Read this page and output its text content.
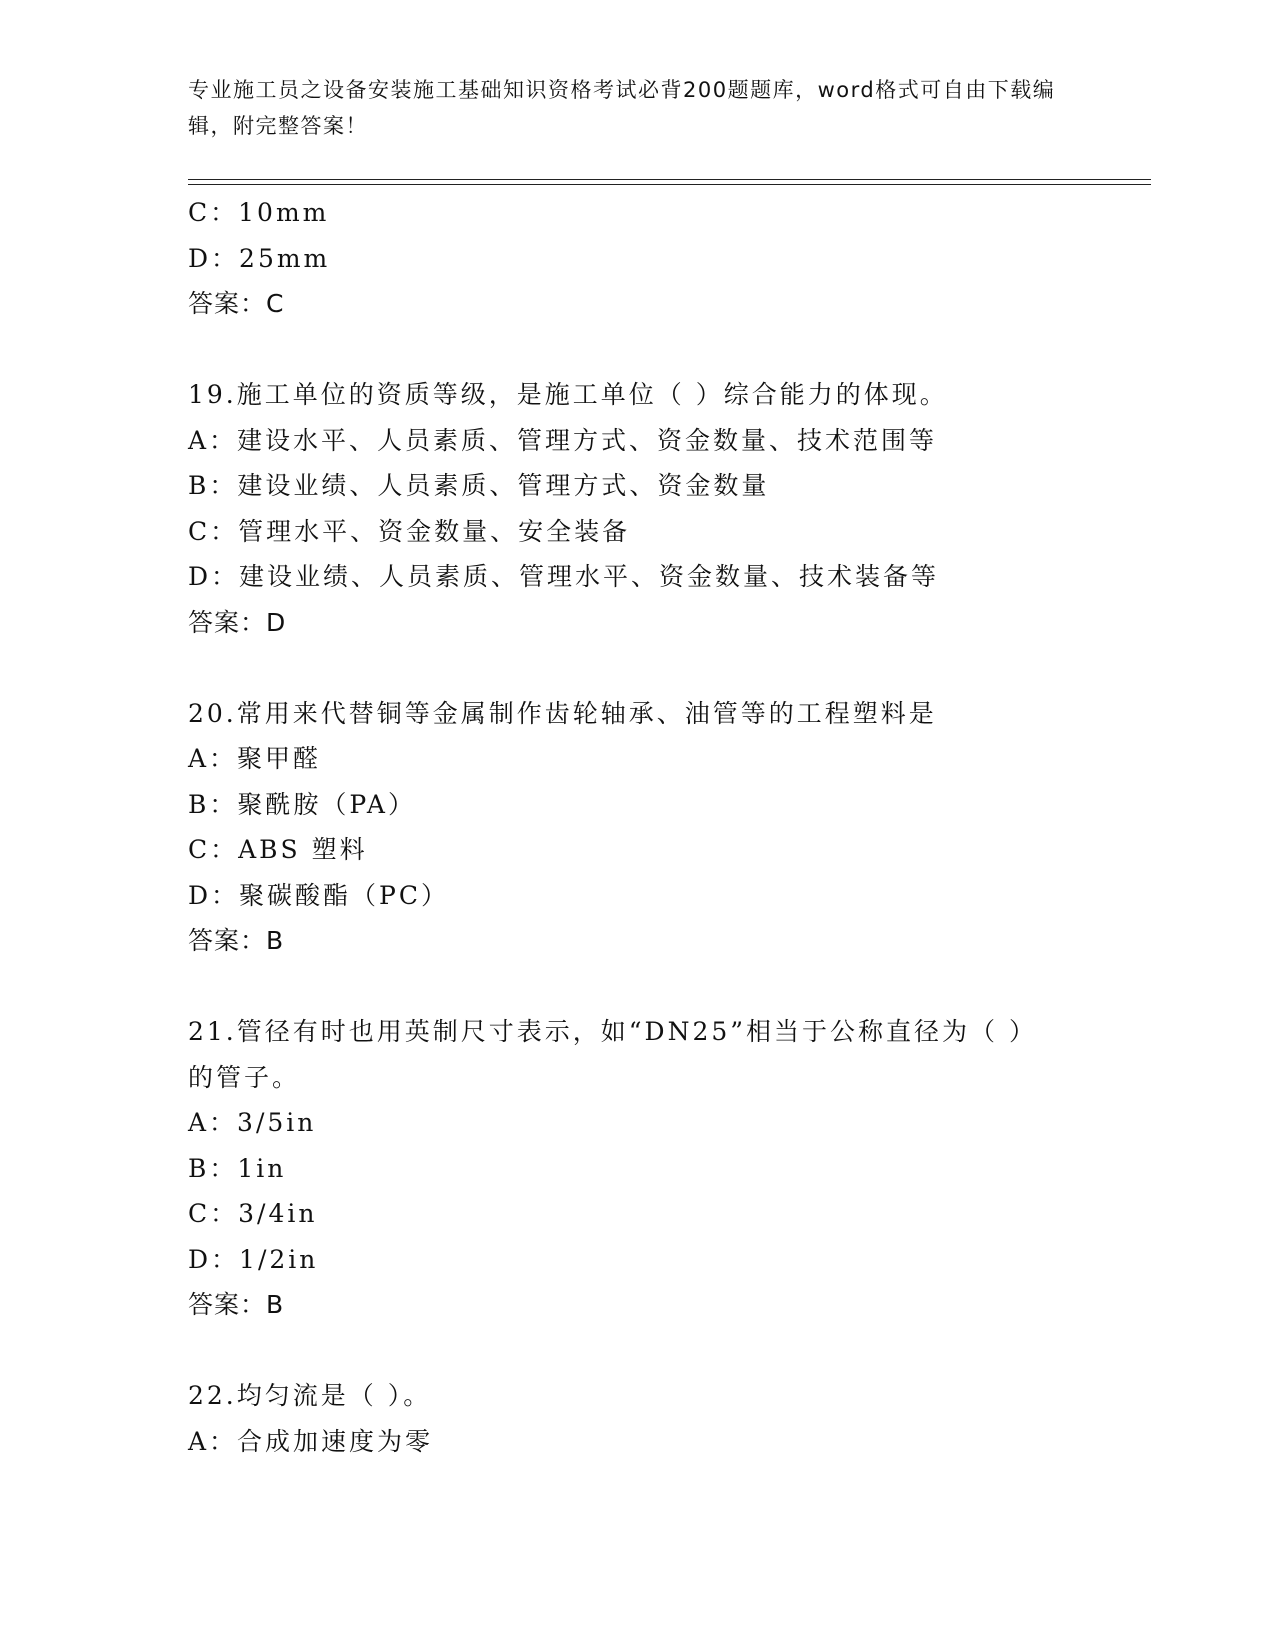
专业施工员之设备安装施工基础知识资格考试必背200题题库，word格式可自由下载编辑，附完整答案！
C：10mm
D：25mm
答案：C
19.施工单位的资质等级，是施工单位（ ）综合能力的体现。
A：建设水平、人员素质、管理方式、资金数量、技术范围等
B：建设业绩、人员素质、管理方式、资金数量
C：管理水平、资金数量、安全装备
D：建设业绩、人员素质、管理水平、资金数量、技术装备等
答案：D
20.常用来代替铜等金属制作齿轮轴承、油管等的工程塑料是
A：聚甲醛
B：聚酰胺（PA）
C：ABS 塑料
D：聚碳酸酯（PC）
答案：B
21.管径有时也用英制尺寸表示，如“DN25”相当于公称直径为（ ）的管子。
A：3/5in
B：1in
C：3/4in
D：1/2in
答案：B
22.均匀流是（ ）。
A：合成加速度为零
